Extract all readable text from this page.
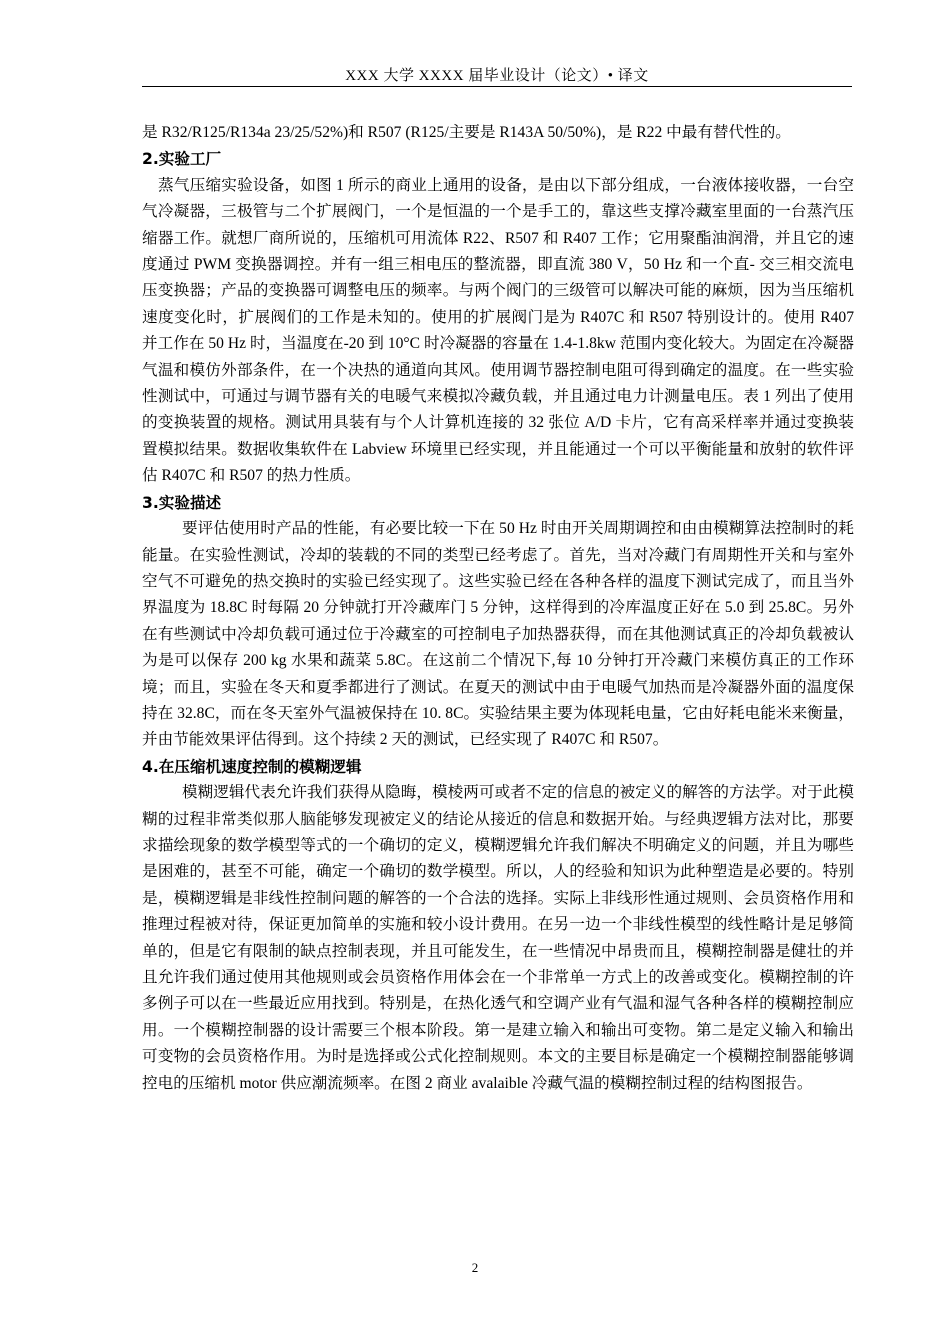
XXX 大学 XXXX 届毕业设计（论文）• 译文

是 R32/R125/R134a 23/25/52%)和 R507 (R125/主要是 R143A 50/50%)，是 R22 中最有替代性的。

2.实验工厂

蒸气压缩实验设备，如图 1 所示的商业上通用的设备，是由以下部分组成，一台液体接收器，一台空气冷凝器，三极管与二个扩展阀门，一个是恒温的一个是手工的，靠这些支撑冷藏室里面的一台蒸汽压缩器工作。就想厂商所说的，压缩机可用流体 R22、R507 和 R407 工作；它用聚酯油润滑，并且它的速度通过 PWM 变换器调控。并有一组三相电压的整流器，即直流 380 V，50 Hz 和一个直- 交三相交流电压变换器；产品的变换器可调整电压的频率。与两个阀门的三级管可以解决可能的麻烦，因为当压缩机速度变化时，扩展阀们的工作是未知的。使用的扩展阀门是为 R407C 和 R507 特别设计的。使用 R407 并工作在 50 Hz 时，当温度在-20 到 10°C 时冷凝器的容量在 1.4-1.8kw 范围内变化较大。为固定在冷凝器气温和模仿外部条件，在一个决热的通道向其风。使用调节器控制电阻可得到确定的温度。在一些实验性测试中，可通过与调节器有关的电暖气来模拟冷藏负载，并且通过电力计测量电压。表 1 列出了使用的变换装置的规格。测试用具装有与个人计算机连接的 32 张位 A/D 卡片，它有高采样率并通过变换装置模拟结果。数据收集软件在 Labview 环境里已经实现，并且能通过一个可以平衡能量和放射的软件评估 R407C 和 R507 的热力性质。

3.实验描述

要评估使用时产品的性能，有必要比较一下在 50 Hz 时由开关周期调控和由由模糊算法控制时的耗能量。在实验性测试，冷却的装载的不同的类型已经考虑了。首先，当对冷藏门有周期性开关和与室外空气不可避免的热交换时的实验已经实现了。这些实验已经在各种各样的温度下测试完成了，而且当外界温度为 18.8C 时每隔 20 分钟就打开冷藏库门 5 分钟，这样得到的冷库温度正好在 5.0 到 25.8C。另外在有些测试中冷却负载可通过位于冷藏室的可控制电子加热器获得，而在其他测试真正的冷却负载被认为是可以保存 200 kg 水果和蔬菜 5.8C。在这前二个情况下,每 10 分钟打开冷藏门来模仿真正的工作环境；而且，实验在冬天和夏季都进行了测试。在夏天的测试中由于电暖气加热而是冷凝器外面的温度保持在 32.8C，而在冬天室外气温被保持在 10. 8C。实验结果主要为体现耗电量，它由好耗电能米来衡量，并由节能效果评估得到。这个持续 2 天的测试，已经实现了 R407C 和 R507。

4.在压缩机速度控制的模糊逻辑

模糊逻辑代表允许我们获得从隐晦，模棱两可或者不定的信息的被定义的解答的方法学。对于此模糊的过程非常类似那人脑能够发现被定义的结论从接近的信息和数据开始。与经典逻辑方法对比，那要求描绘现象的数学模型等式的一个确切的定义，模糊逻辑允许我们解决不明确定义的问题，并且为哪些是困难的，甚至不可能，确定一个确切的数学模型。所以，人的经验和知识为此种塑造是必要的。特别是，模糊逻辑是非线性控制问题的解答的一个合法的选择。实际上非线形性通过规则、会员资格作用和推理过程被对待，保证更加简单的实施和较小设计费用。在另一边一个非线性模型的线性略计是足够简单的，但是它有限制的缺点控制表现，并且可能发生，在一些情况中昂贵而且，模糊控制器是健壮的并且允许我们通过使用其他规则或会员资格作用体会在一个非常单一方式上的改善或变化。模糊控制的许多例子可以在一些最近应用找到。特别是，在热化透气和空调产业有气温和湿气各种各样的模糊控制应用。一个模糊控制器的设计需要三个根本阶段。第一是建立输入和输出可变物。第二是定义输入和输出可变物的会员资格作用。为时是选择或公式化控制规则。本文的主要目标是确定一个模糊控制器能够调控电的压缩机 motor 供应潮流频率。在图 2 商业 avalaible 冷藏气温的模糊控制过程的结构图报告。

2
